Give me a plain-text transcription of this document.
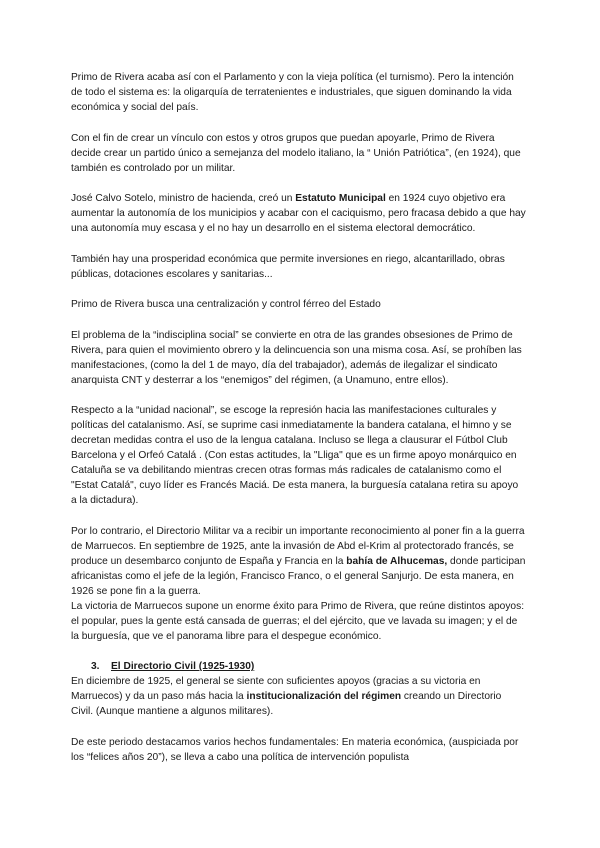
Primo de Rivera acaba así con el Parlamento y con la vieja política (el turnismo). Pero la intención de todo el sistema es: la oligarquía de terratenientes e industriales, que siguen dominando la vida económica y social del país.

Con el fin de crear un vínculo con estos y otros grupos que puedan apoyarle, Primo de Rivera decide crear un partido único a semejanza del modelo italiano, la “ Unión Patriótica”, (en 1924), que también es controlado por un militar.

José Calvo Sotelo, ministro de hacienda, creó un Estatuto Municipal en 1924 cuyo objetivo era aumentar la autonomía de los municipios y acabar con el caciquismo, pero fracasa debido a que hay una autonomía muy escasa y el no hay un desarrollo en el sistema electoral democrático.

También hay una prosperidad económica que permite inversiones en riego, alcantarillado, obras públicas, dotaciones escolares y sanitarias...

Primo de Rivera busca una centralización y control férreo del Estado

El problema de la “indisciplina social” se convierte en otra de las grandes obsesiones de Primo de Rivera, para quien el movimiento obrero y la delincuencia son una misma cosa. Así, se prohíben las manifestaciones, (como la del 1 de mayo, día del trabajador), además de ilegalizar el sindicato anarquista CNT y desterrar a los “enemigos” del régimen, (a Unamuno, entre ellos).

Respecto a la “unidad nacional”, se escoge la represión hacia las manifestaciones culturales y políticas del catalanismo. Así, se suprime casi inmediatamente la bandera catalana, el himno y se decretan medidas contra el uso de la lengua catalana. Incluso se llega a clausurar el Fútbol Club Barcelona y el Orfeó Catalá . (Con estas actitudes, la "Lliga" que es un firme apoyo monárquico en Cataluña se va debilitando mientras crecen otras formas más radicales de catalanismo como el "Estat Catalá", cuyo líder es Francés Maciá. De esta manera, la burguesía catalana retira su apoyo a la dictadura).

Por lo contrario, el Directorio Militar va a recibir un importante reconocimiento al poner fin a la guerra de Marruecos. En septiembre de 1925, ante la invasión de Abd el-Krim al protectorado francés, se produce un desembarco conjunto de España y Francia en la bahía de Alhucemas, donde participan africanistas como el jefe de la legión, Francisco Franco, o el general Sanjurjo. De esta manera, en 1926 se pone fin a la guerra.

La victoria de Marruecos supone un enorme éxito para Primo de Rivera, que reúne distintos apoyos: el popular, pues la gente está cansada de guerras; el del ejército, que ve lavada su imagen; y el de la burguesía, que ve el panorama libre para el despegue económico.

3. El Directorio Civil (1925-1930)

En diciembre de 1925, el general se siente con suficientes apoyos (gracias a su victoria en Marruecos) y da un paso más hacia la institucionalización del régimen creando un Directorio Civil. (Aunque mantiene a algunos militares).

De este periodo destacamos varios hechos fundamentales: En materia económica, (auspiciada por los “felices años 20”), se lleva a cabo una política de intervención populista
